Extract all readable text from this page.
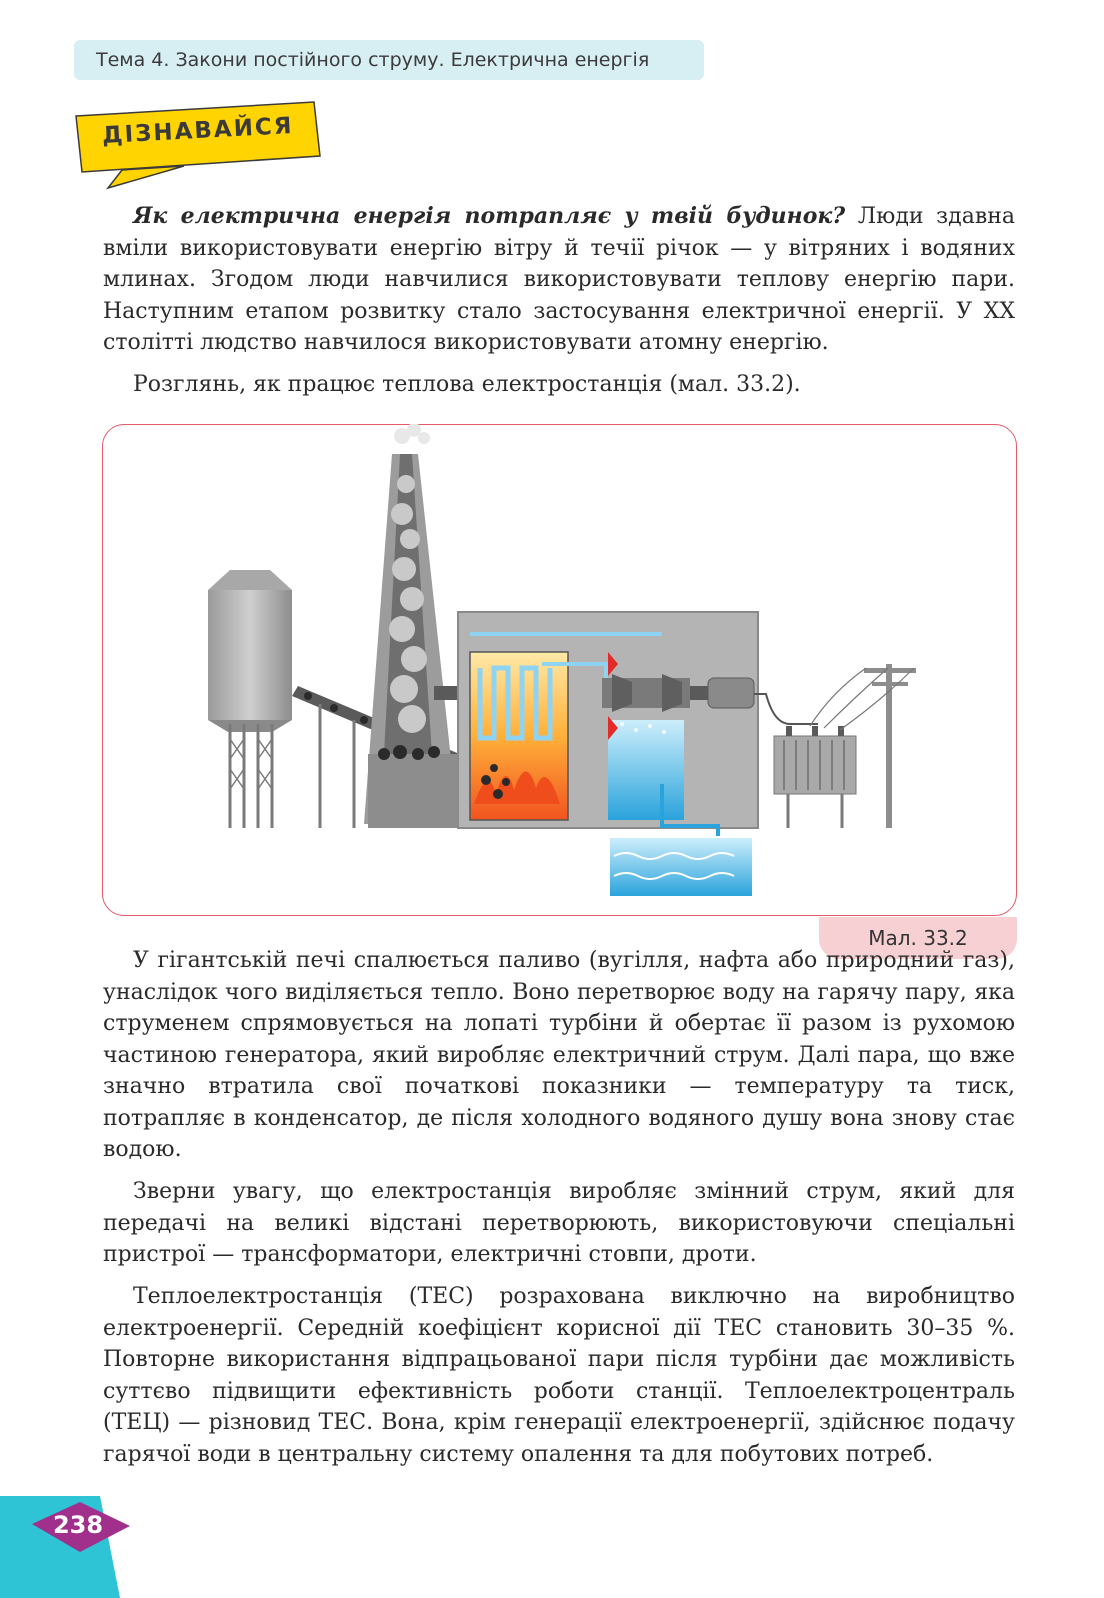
Тема 4. Закони постійного струму. Електрична енергія
ДІЗНАВАЙСЯ

Як електрична енергія потрапляє у твій будинок? Люди здавна вміли використовувати енергію вітру й течії річок — у вітряних і водяних млинах. Згодом люди навчилися використовувати теплову енергію пари. Наступним етапом розвитку стало застосування електричної енергії. У XX столітті людство навчилося використовувати атомну енергію.

Розглянь, як працює теплова електростанція (мал. 33.2).

Мал. 33.2

У гігантській печі спалюється паливо (вугілля, нафта або природний газ), унаслідок чого виділяється тепло. Воно перетворює воду на гарячу пару, яка струменем спрямовується на лопаті турбіни й обертає її разом із рухомою частиною генератора, який виробляє електричний струм. Далі пара, що вже значно втратила свої початкові показники — температуру та тиск, потрапляє в конденсатор, де після холодного водяного душу вона знову стає водою.

Зверни увагу, що електростанція виробляє змінний струм, який для передачі на великі відстані перетворюють, використовуючи спеціальні пристрої — трансформатори, електричні стовпи, дроти.

Теплоелектростанція (ТЕС) розрахована виключно на виробництво електроенергії. Середній коефіцієнт корисної дії ТЕС становить 30–35 %. Повторне використання відпрацьованої пари після турбіни дає можливість суттєво підвищити ефективність роботи станції. Теплоелектроцентраль (ТЕЦ) — різновид ТЕС. Вона, крім генерації електроенергії, здійснює подачу гарячої води в центральну систему опалення та для побутових потреб.

238
